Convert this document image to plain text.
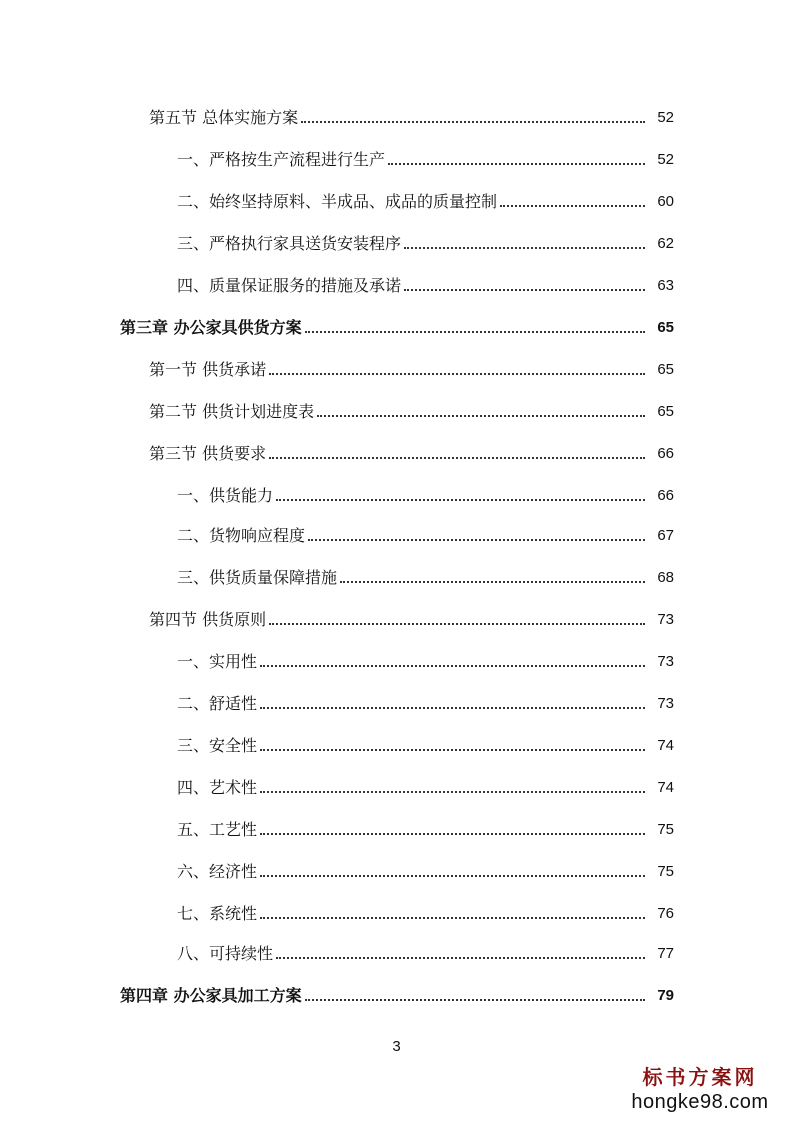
第五节 总体实施方案	52
一、严格按生产流程进行生产	52
二、始终坚持原料、半成品、成品的质量控制	60
三、严格执行家具送货安装程序	62
四、质量保证服务的措施及承诺	63
第三章 办公家具供货方案	65
第一节 供货承诺	65
第二节 供货计划进度表	65
第三节 供货要求	66
一、供货能力	66
二、货物响应程度	67
三、供货质量保障措施	68
第四节 供货原则	73
一、实用性	73
二、舒适性	73
三、安全性	74
四、艺术性	74
五、工艺性	75
六、经济性	75
七、系统性	76
八、可持续性	77
第四章 办公家具加工方案	79
3
标书方案网
hongke98.com
